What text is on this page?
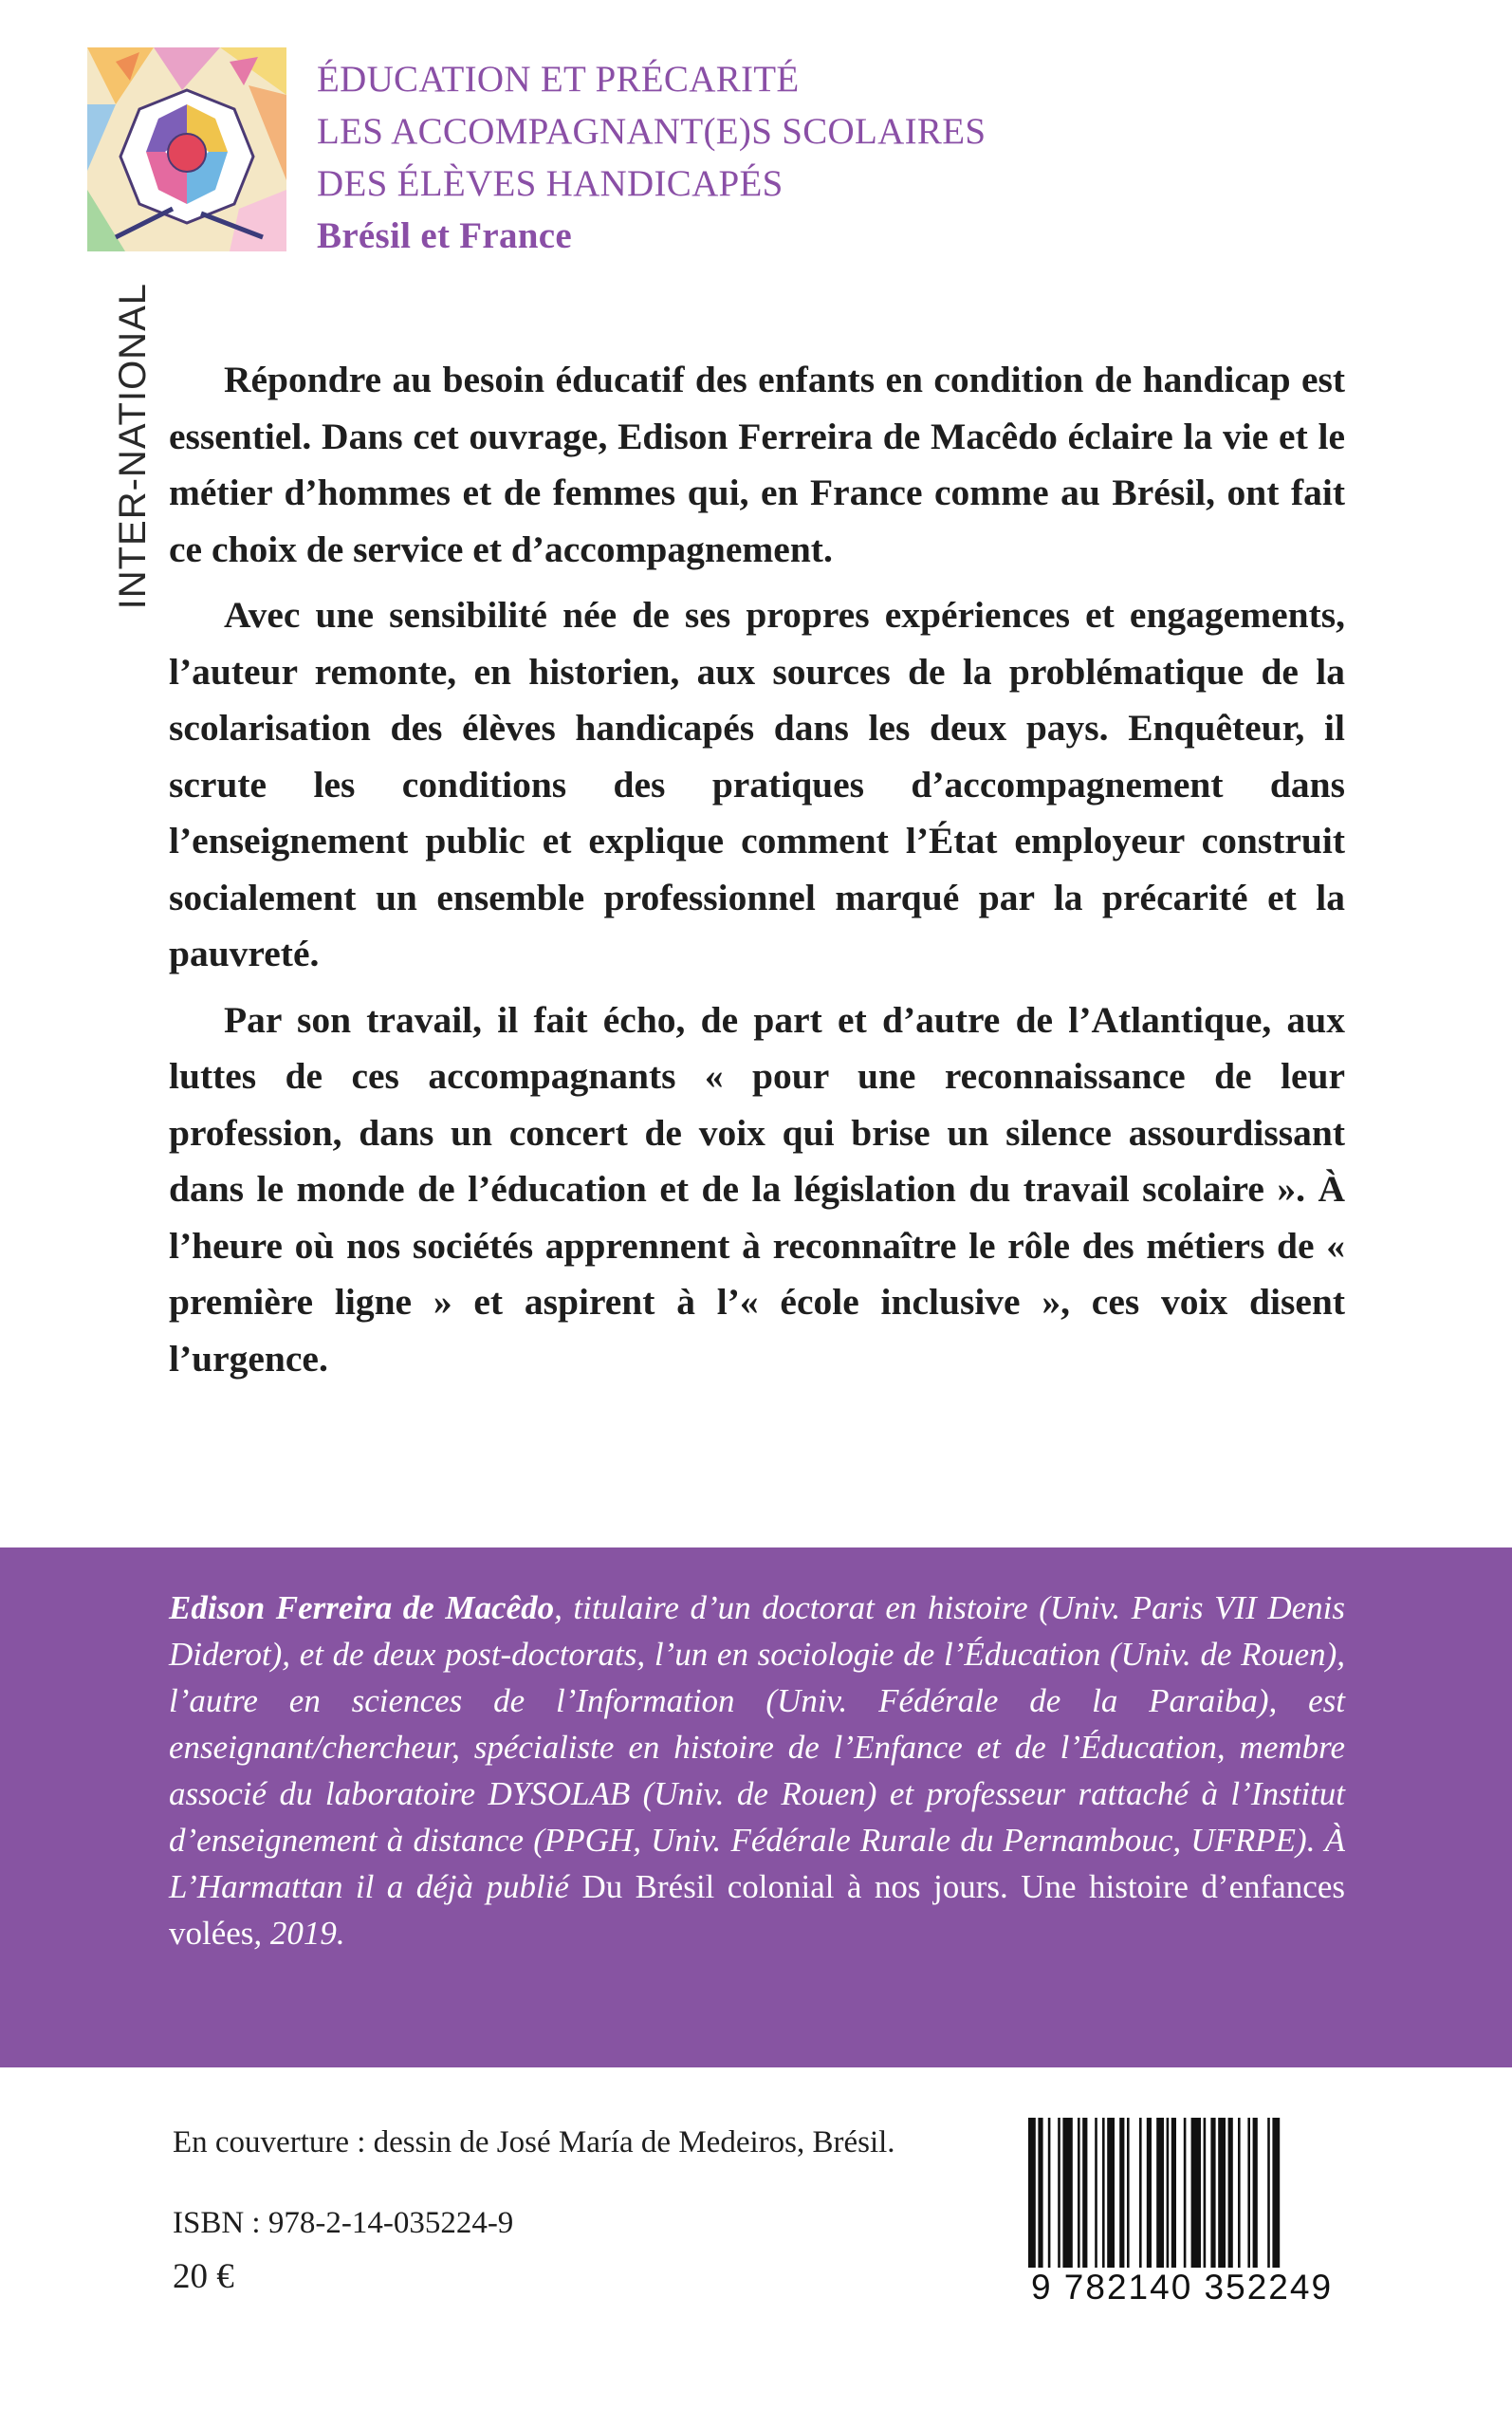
ÉDUCATION ET PRÉCARITÉ
LES ACCOMPAGNANT(E)S SCOLAIRES
DES ÉLÈVES HANDICAPÉS
Brésil et France
INTER-NATIONAL	Répondre au besoin éducatif des enfants en condition de handicap est essentiel. Dans cet ouvrage, Edison Ferreira de Macêdo éclaire la vie et le métier d’hommes et de femmes qui, en France comme au Brésil, ont fait ce choix de service et d’accompagnement.

Avec une sensibilité née de ses propres expériences et engagements, l’auteur remonte, en historien, aux sources de la problématique de la scolarisation des élèves handicapés dans les deux pays. Enquêteur, il scrute les conditions des pratiques d’accompagnement dans l’enseignement public et explique comment l’État employeur construit socialement un ensemble professionnel marqué par la précarité et la pauvreté.

Par son travail, il fait écho, de part et d’autre de l’Atlantique, aux luttes de ces accompagnants « pour une reconnaissance de leur profession, dans un concert de voix qui brise un silence assourdissant dans le monde de l’éducation et de la législation du travail scolaire ». À l’heure où nos sociétés apprennent à reconnaître le rôle des métiers de « première ligne » et aspirent à l’« école inclusive », ces voix disent l’urgence.

Edison Ferreira de Macêdo, titulaire d’un doctorat en histoire (Univ. Paris VII Denis Diderot), et de deux post-doctorats, l’un en sociologie de l’Éducation (Univ. de Rouen), l’autre en sciences de l’Information (Univ. Fédérale de la Paraiba), est enseignant/chercheur, spécialiste en histoire de l’Enfance et de l’Éducation, membre associé du laboratoire DYSOLAB (Univ. de Rouen) et professeur rattaché à l’Institut d’enseignement à distance (PPGH, Univ. Fédérale Rurale du Pernambouc, UFRPE). À L’Harmattan il a déjà publié Du Brésil colonial à nos jours. Une histoire d’enfances volées, 2019.

En couverture : dessin de José María de Medeiros, Brésil.
ISBN : 978-2-14-035224-9
20 €	9 782140 352249
